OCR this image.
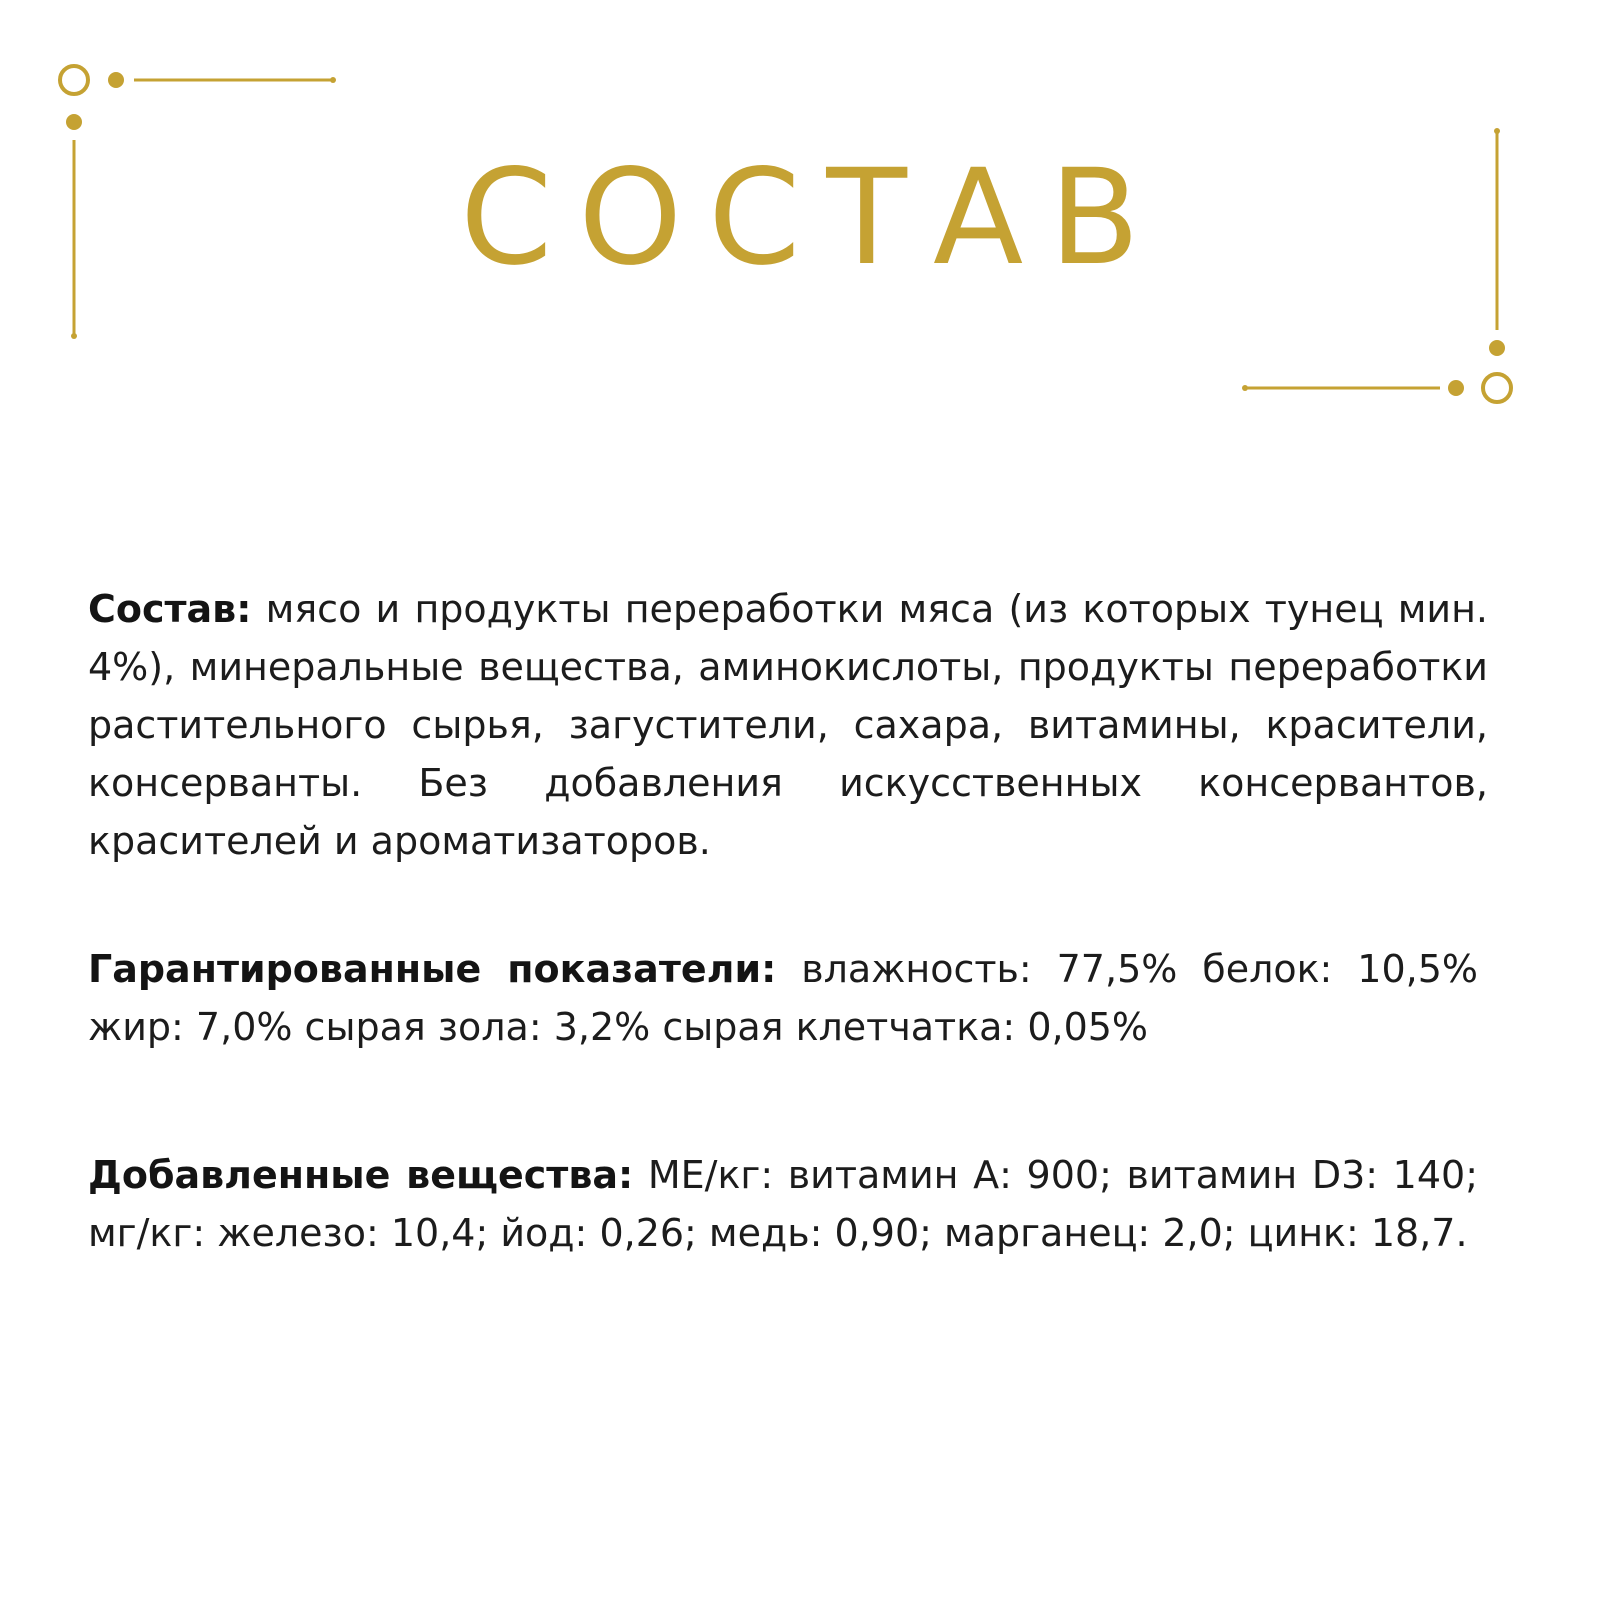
СОСТАВ

Состав: мясо и продукты переработки мяса (из которых тунец мин. 4%), минеральные вещества, аминокислоты, продукты переработки растительного сырья, загустители, сахара, витамины, красители, консерванты. Без добавления искусственных консервантов, красителей и ароматизаторов.

Гарантированные показатели: влажность: 77,5% белок: 10,5% жир: 7,0% сырая зола: 3,2% сырая клетчатка: 0,05%

Добавленные вещества: МЕ/кг: витамин А: 900; витамин D3: 140; мг/кг: железо: 10,4; йод: 0,26; медь: 0,90; марганец: 2,0; цинк: 18,7.
